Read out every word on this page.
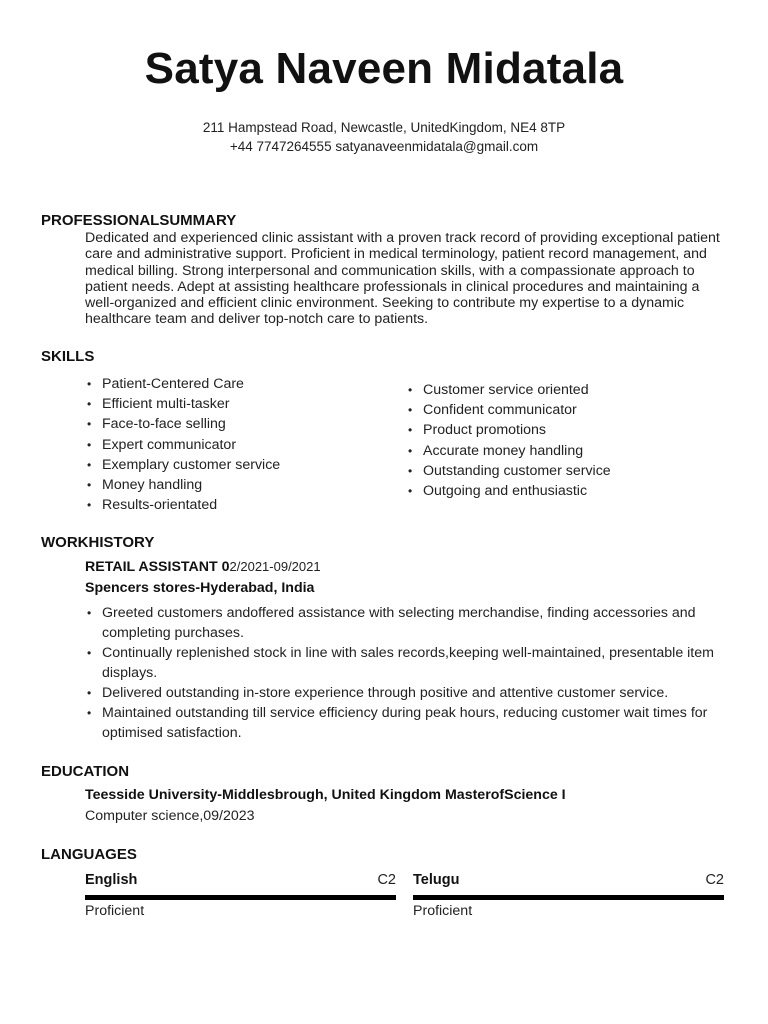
Satya Naveen Midatala
211 Hampstead Road, Newcastle, UnitedKingdom, NE4 8TP
+44 7747264555 satyanaveenmidatala@gmail.com
PROFESSIONALSUMMARY
Dedicated and experienced clinic assistant with a proven track record of providing exceptional patient care and administrative support. Proficient in medical terminology, patient record management, and medical billing. Strong interpersonal and communication skills, with a compassionate approach to patient needs. Adept at assisting healthcare professionals in clinical procedures and maintaining a well-organized and efficient clinic environment. Seeking to contribute my expertise to a dynamic healthcare team and deliver top-notch care to patients.
SKILLS
• Patient-Centered Care
• Efficient multi-tasker
• Face-to-face selling
• Expert communicator
• Exemplary customer service
• Money handling
• Results-orientated
• Customer service oriented
• Confident communicator
• Product promotions
• Accurate money handling
• Outstanding customer service
• Outgoing and enthusiastic
WORKHISTORY
RETAIL ASSISTANT 02/2021-09/2021
Spencers stores-Hyderabad, India
• Greeted customers andoffered assistance with selecting merchandise, finding accessories and completing purchases.
• Continually replenished stock in line with sales records,keeping well-maintained, presentable item displays.
• Delivered outstanding in-store experience through positive and attentive customer service.
• Maintained outstanding till service efficiency during peak hours, reducing customer wait times for optimised satisfaction.
EDUCATION
Teesside University-Middlesbrough, United Kingdom MasterofScience I
Computer science,09/2023
LANGUAGES
English	C2
Proficient
Telugu	C2
Proficient
